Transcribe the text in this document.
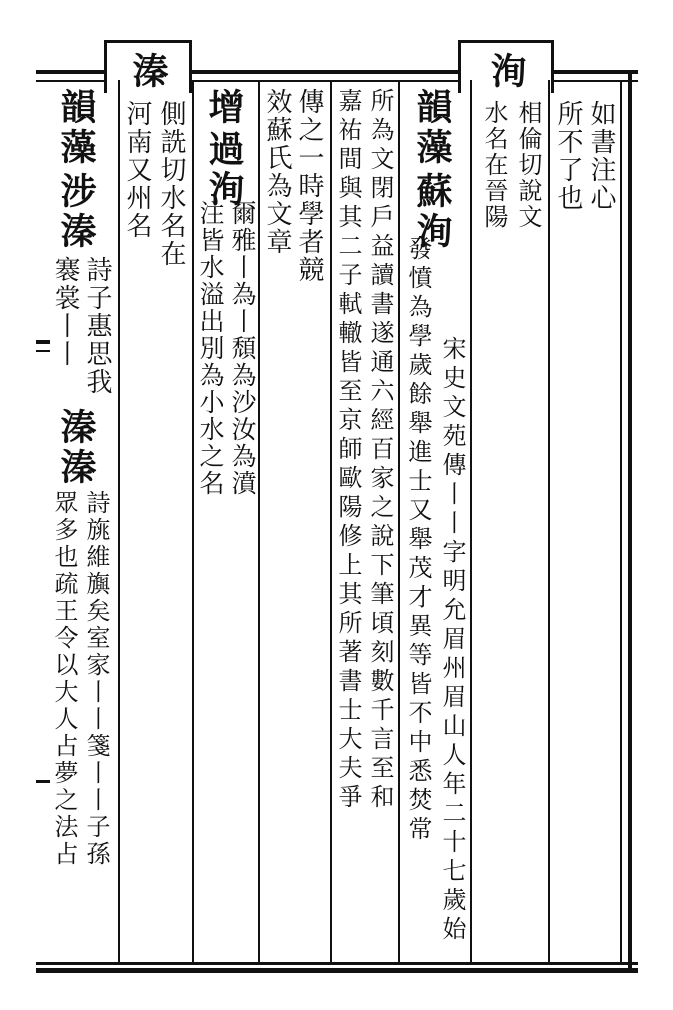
如書注心
所不了也
洵
相倫切說文
水名在晉陽
韻藻
蘇洵
宋史文苑傳丨丨字明允眉州眉山人年二十七歲始
發憤為學歲餘舉進士又舉茂才異等皆不中悉焚常
所為文閉戶益讀書遂通六經百家之說下筆頃刻數千言至和
嘉祐間與其二子軾轍皆至京師歐陽修上其所著書士大夫爭
傳之一時學者競
效蘇氏為文章
增
過洵
爾雅丨為丨頹為沙汝為濆
注皆水溢出別為小水之名
溱
側詵切水名在
河南又州名
韻藻
涉溱
詩子惠思我
褰裳丨丨
溱溱
詩旐維旟矣室家丨丨箋丨丨子孫
眾多也疏王令以大人占夢之法占
